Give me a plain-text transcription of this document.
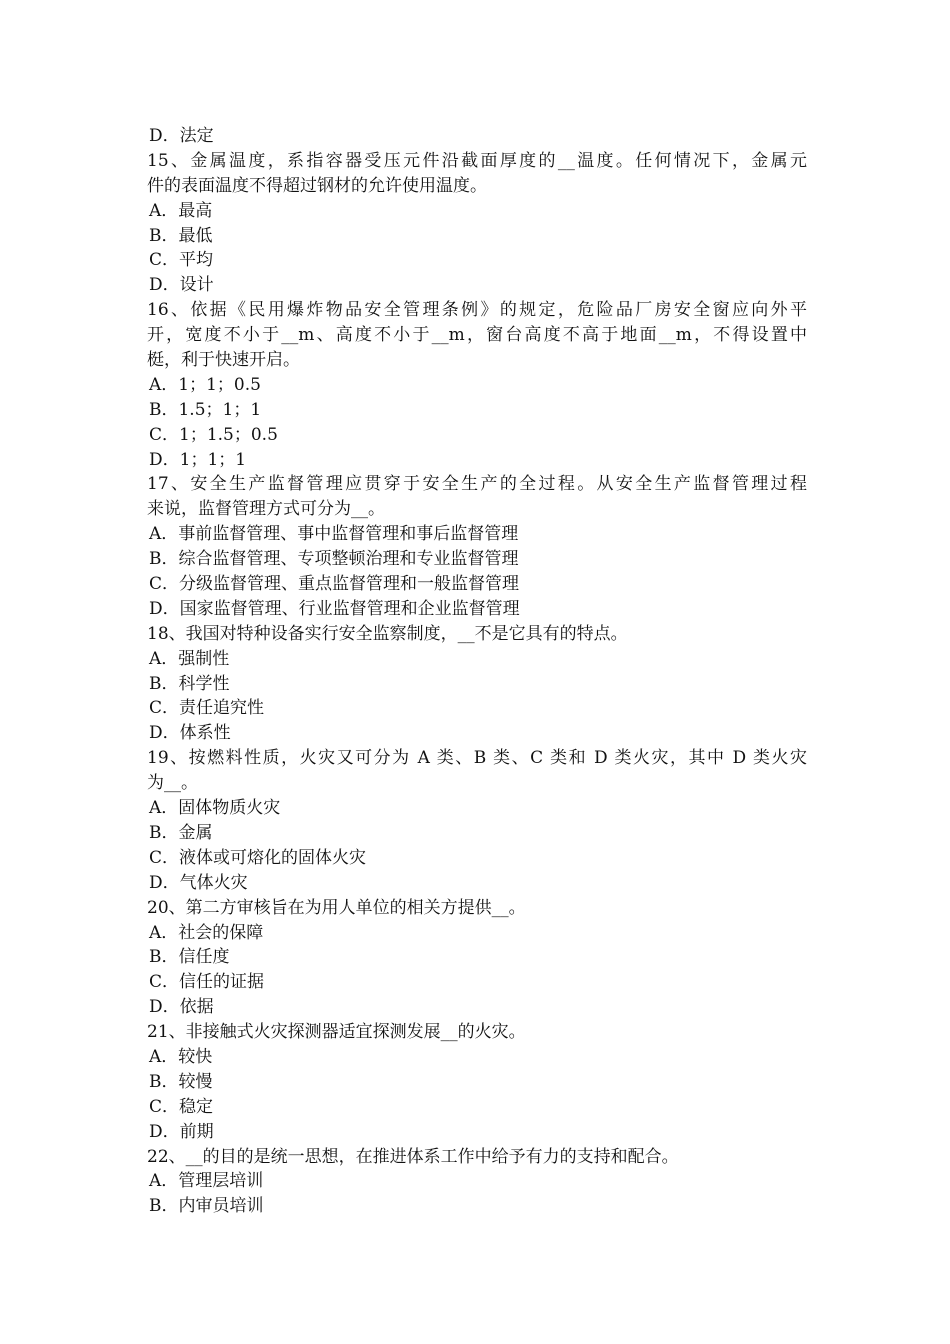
D．法定
15、金属温度，系指容器受压元件沿截面厚度的__温度。任何情况下，金属元
件的表面温度不得超过钢材的允许使用温度。
A．最高
B．最低
C．平均
D．设计
16、依据《民用爆炸物品安全管理条例》的规定，危险品厂房安全窗应向外平
开，宽度不小于__m、高度不小于__m，窗台高度不高于地面__m，不得设置中
梃，利于快速开启。
A．1；1；0.5
B．1.5；1；1
C．1；1.5；0.5
D．1；1；1
17、安全生产监督管理应贯穿于安全生产的全过程。从安全生产监督管理过程
来说，监督管理方式可分为__。
A．事前监督管理、事中监督管理和事后监督管理
B．综合监督管理、专项整顿治理和专业监督管理
C．分级监督管理、重点监督管理和一般监督管理
D．国家监督管理、行业监督管理和企业监督管理
18、我国对特种设备实行安全监察制度，__不是它具有的特点。
A．强制性
B．科学性
C．责任追究性
D．体系性
19、按燃料性质，火灾又可分为 A 类、B 类、C 类和 D 类火灾，其中 D 类火灾
为__。
A．固体物质火灾
B．金属
C．液体或可熔化的固体火灾
D．气体火灾
20、第二方审核旨在为用人单位的相关方提供__。
A．社会的保障
B．信任度
C．信任的证据
D．依据
21、非接触式火灾探测器适宜探测发展__的火灾。
A．较快
B．较慢
C．稳定
D．前期
22、__的目的是统一思想，在推进体系工作中给予有力的支持和配合。
A．管理层培训
B．内审员培训
